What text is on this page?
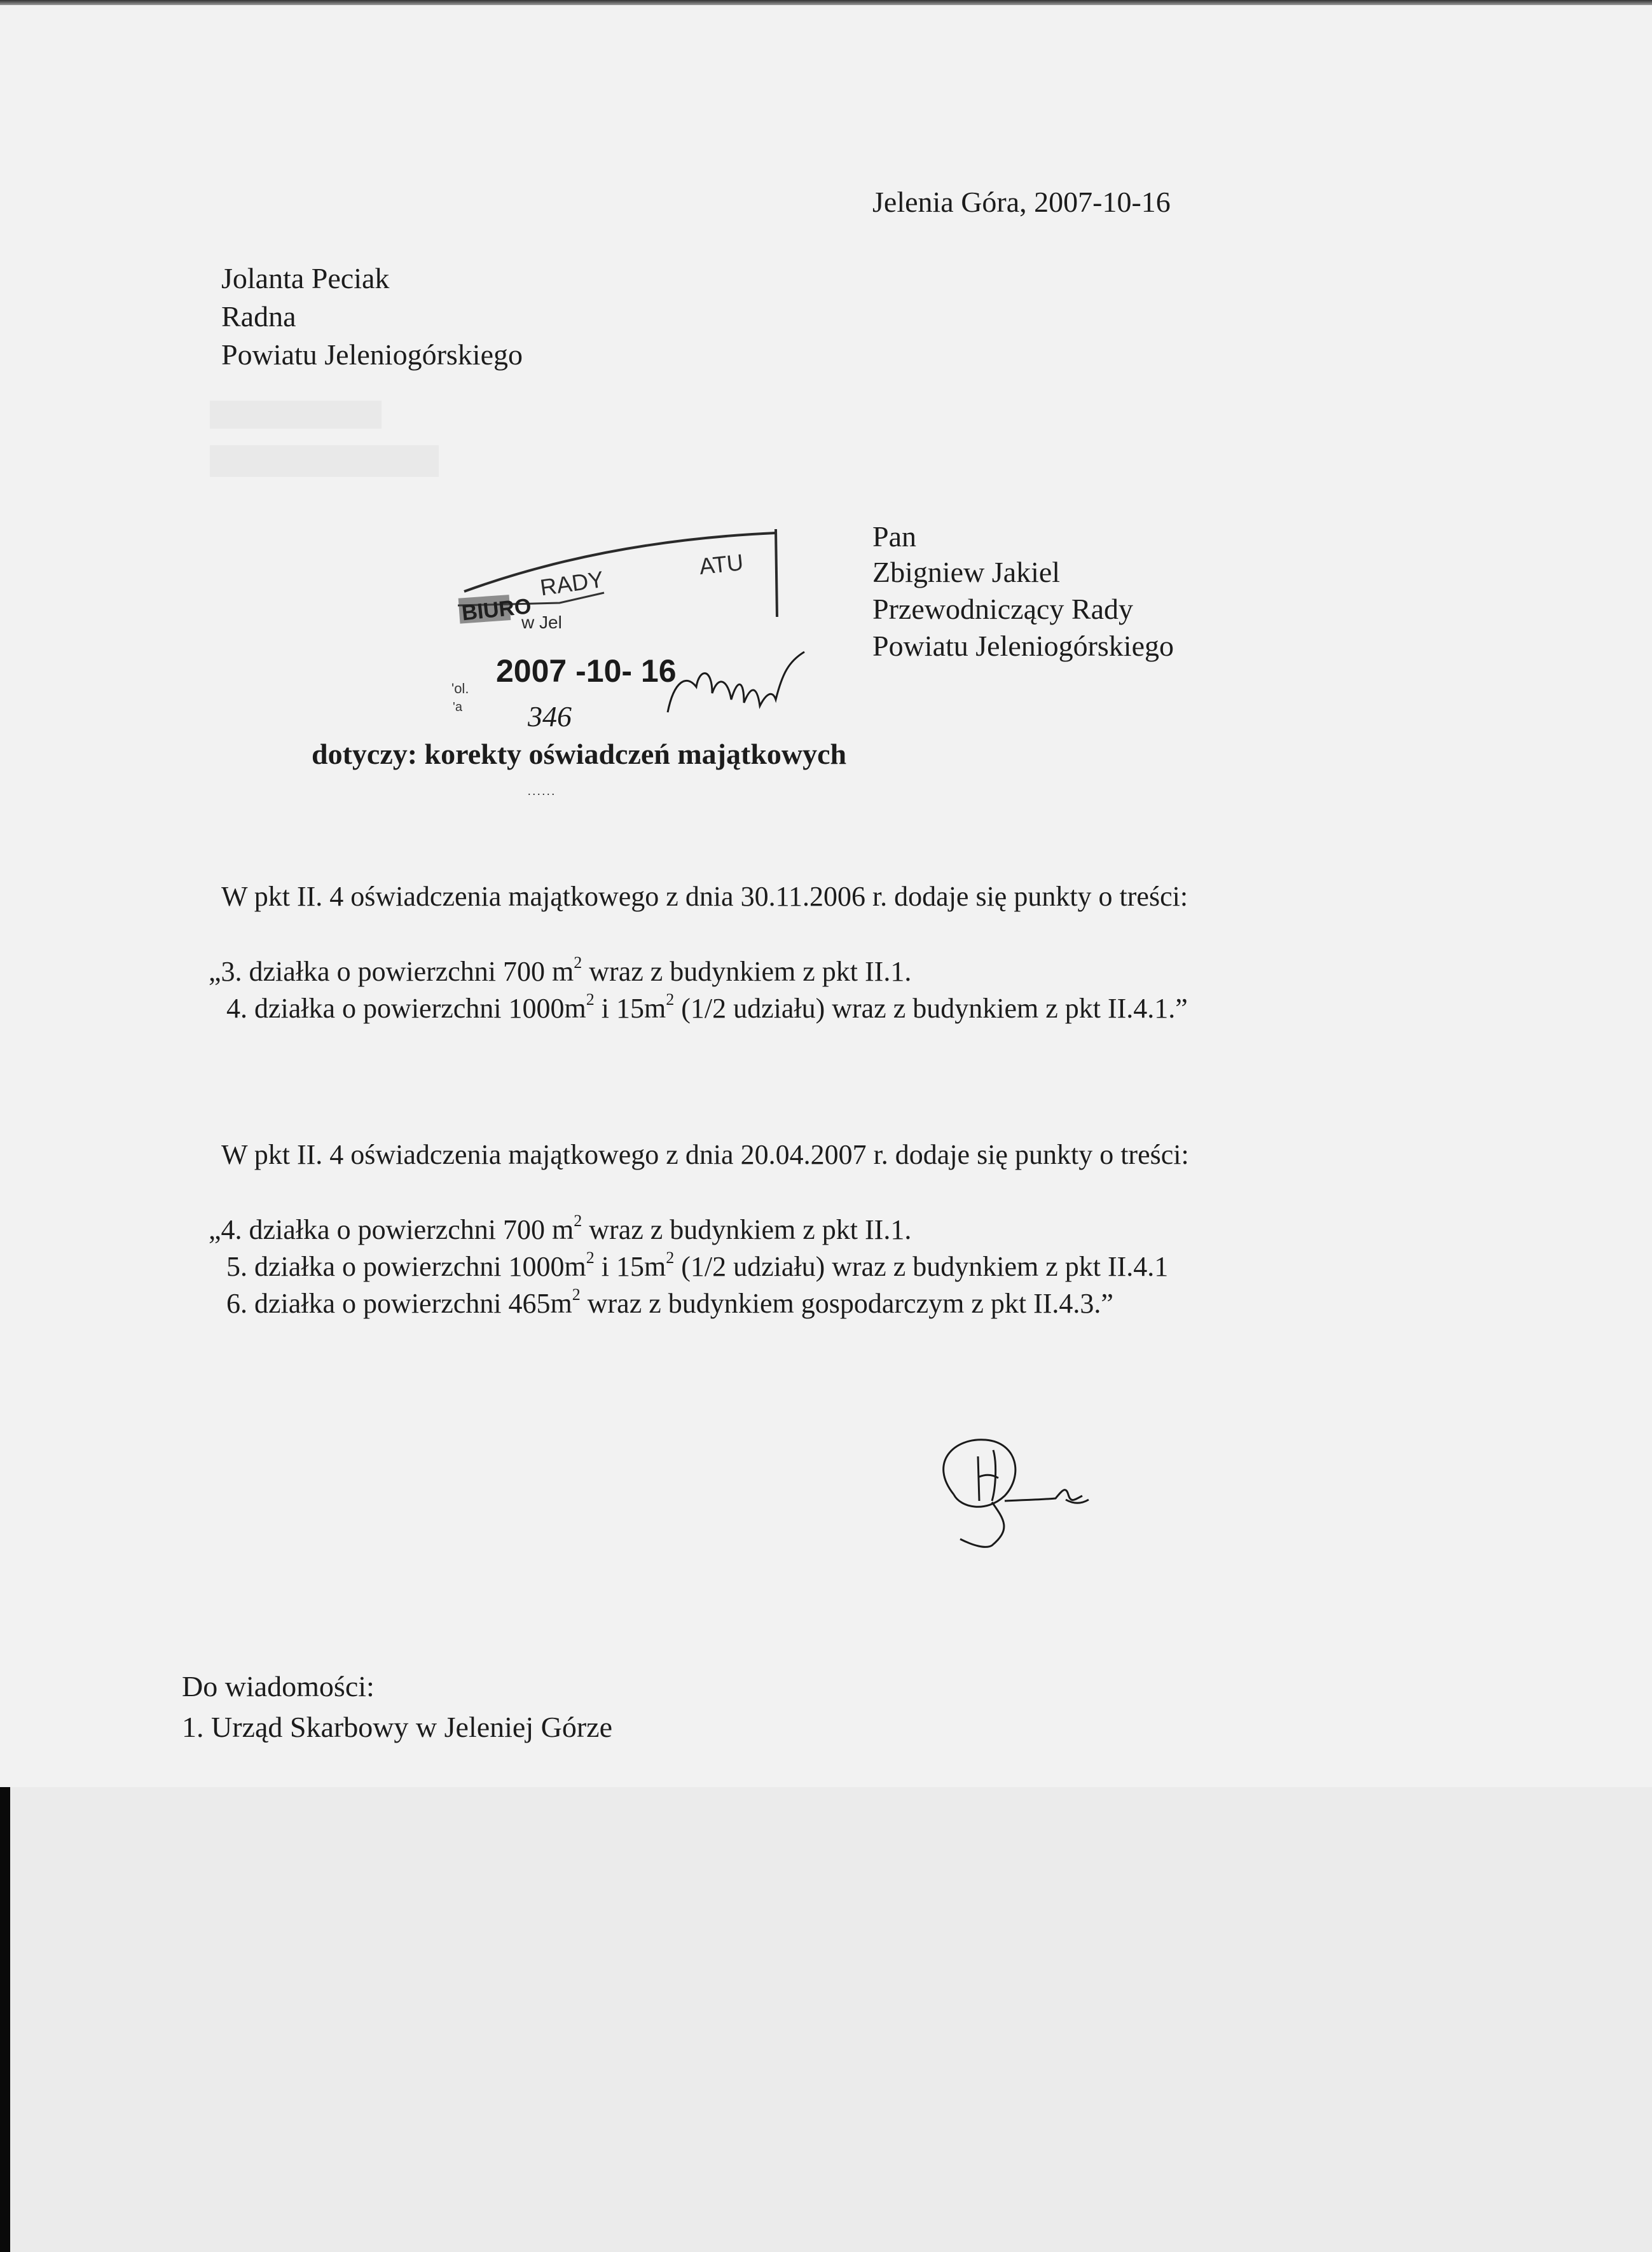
Jelenia Góra, 2007-10-16
Jolanta Peciak
Radna
Powiatu Jeleniogórskiego
Pan
Zbigniew Jakiel
Przewodniczący Rady
Powiatu Jeleniogórskiego
BIURO
RADY
ATU
w Jel
2007 -10- 16
346
'ol.
'a
dotyczy: korekty oświadczeń majątkowych
......
W pkt II. 4 oświadczenia majątkowego z dnia 30.11.2006 r. dodaje się punkty o treści:
„3. działka o powierzchni 700 $m^2$ wraz z budynkiem z pkt II.1.
4. działka o powierzchni $1000m^2$ i $15m^2$ (1/2 udziału) wraz z budynkiem z pkt II.4.1.”
W pkt II. 4 oświadczenia majątkowego z dnia 20.04.2007 r. dodaje się punkty o treści:
„4. działka o powierzchni 700 $m^2$ wraz z budynkiem z pkt II.1.
5. działka o powierzchni $1000m^2$ i $15m^2$ (1/2 udziału) wraz z budynkiem z pkt II.4.1
6. działka o powierzchni $465m^2$ wraz z budynkiem gospodarczym z pkt II.4.3.”
Do wiadomości:
1. Urząd Skarbowy w Jeleniej Górze
